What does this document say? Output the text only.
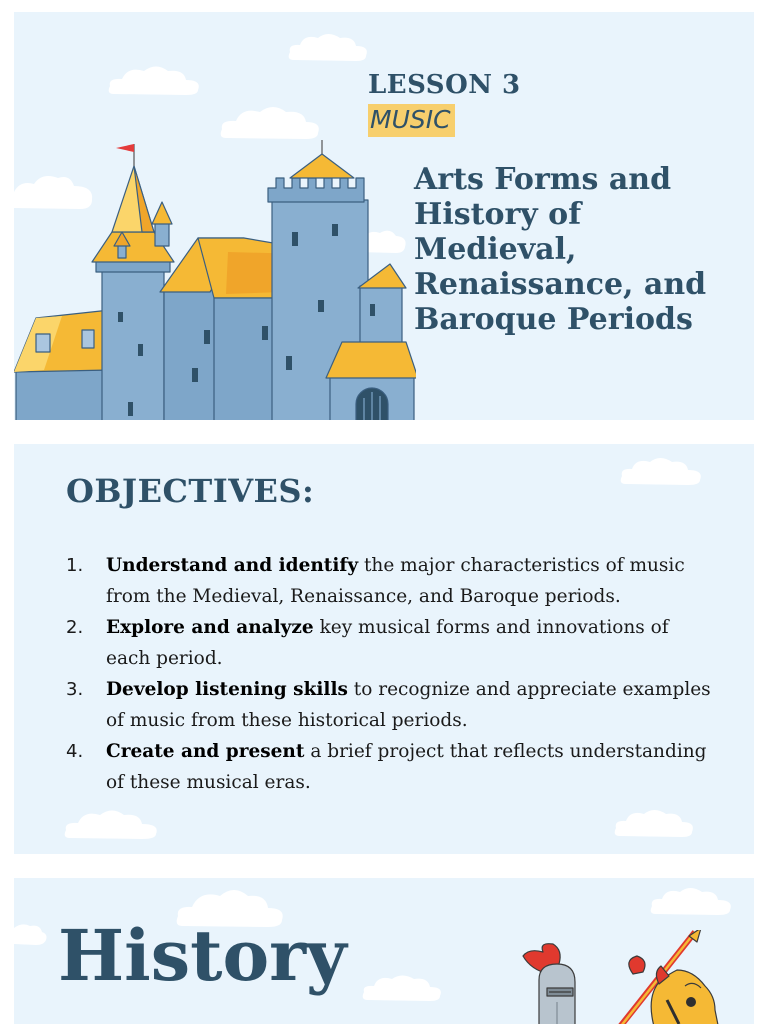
LESSON 3
MUSIC
Arts Forms and History of Medieval, Renaissance, and Baroque Periods
OBJECTIVES:
1. Understand and identify the major characteristics of music from the Medieval, Renaissance, and Baroque periods.
2. Explore and analyze key musical forms and innovations of each period.
3. Develop listening skills to recognize and appreciate examples of music from these historical periods.
4. Create and present a brief project that reflects understanding of these musical eras.
History
